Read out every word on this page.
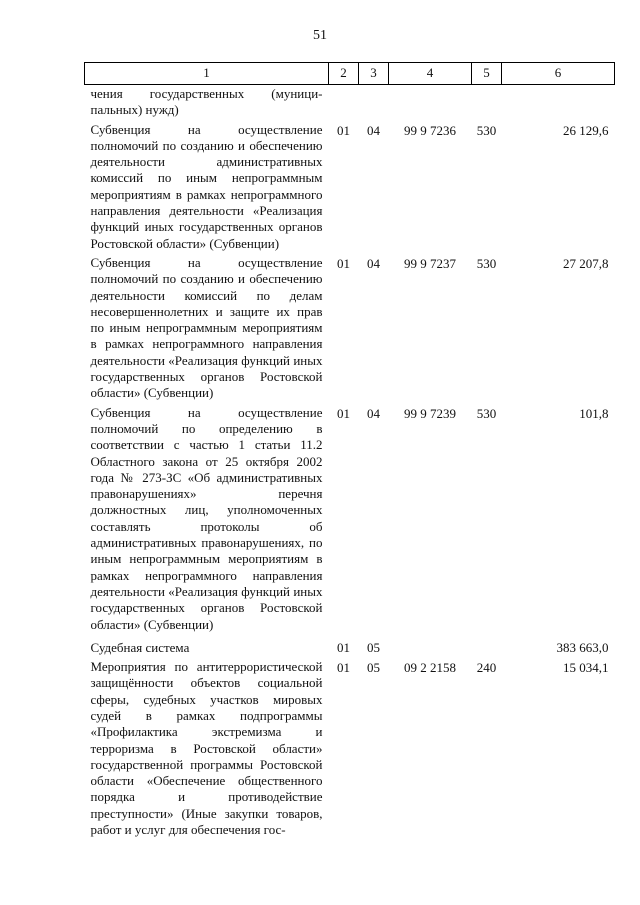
51
1	2	3	4	5	6
чения государственных (муници-пальных) нужд)					
Субвенция на осуществление полномочий по созданию и обеспечению деятельности административных комиссий по иным непрограммным мероприятиям в рамках непрограммного направления деятельности «Реализация функций иных государственных органов Ростовской области» (Субвенции)	01	04	99 9 7236	530	26 129,6
Субвенция на осуществление полномочий по созданию и обеспечению деятельности комиссий по делам несовершеннолетних и защите их прав по иным непрограммным мероприятиям в рамках непрограммного направления деятельности «Реализация функций иных государственных органов Ростовской области» (Субвенции)	01	04	99 9 7237	530	27 207,8
Субвенция на осуществление полномочий по определению в соответствии с частью 1 статьи 11.2 Областного закона от 25 октября 2002 года № 273-ЗС «Об административных правонарушениях» перечня должностных лиц, уполномоченных составлять протоколы об административных правонарушениях, по иным непрограммным мероприятиям в рамках непрограммного направления деятельности «Реализация функций иных государственных органов Ростовской области» (Субвенции)	01	04	99 9 7239	530	101,8
Судебная система	01	05			383 663,0
Мероприятия по антитеррористической защищённости объектов социальной сферы, судебных участков мировых судей в рамках подпрограммы «Профилактика экстремизма и терроризма в Ростовской области» государственной программы Ростовской области «Обеспечение общественного порядка и противодействие преступности» (Иные закупки товаров, работ и услуг для обеспечения гос-	01	05	09 2 2158	240	15 034,1
